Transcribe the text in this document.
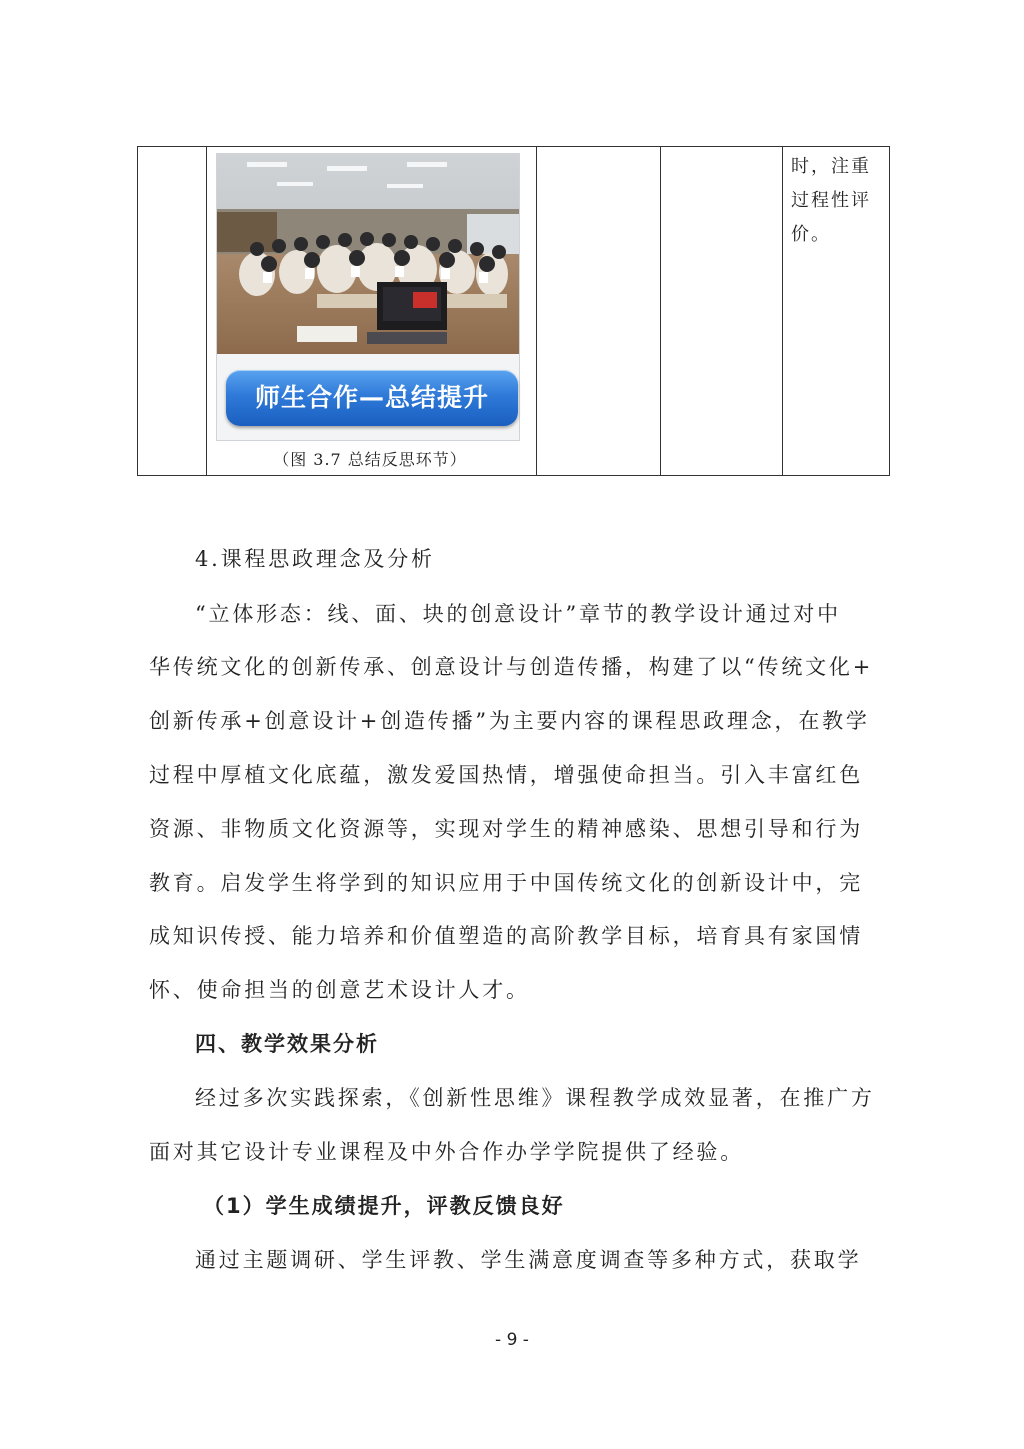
师生合作—总结提升
（图 3.7 总结反思环节）
时，注重
过程性评
价。
4.课程思政理念及分析
“立体形态：线、面、块的创意设计”章节的教学设计通过对中
华传统文化的创新传承、创意设计与创造传播，构建了以“传统文化+
创新传承+创意设计+创造传播”为主要内容的课程思政理念，在教学
过程中厚植文化底蕴，激发爱国热情，增强使命担当。引入丰富红色
资源、非物质文化资源等，实现对学生的精神感染、思想引导和行为
教育。启发学生将学到的知识应用于中国传统文化的创新设计中，完
成知识传授、能力培养和价值塑造的高阶教学目标，培育具有家国情
怀、使命担当的创意艺术设计人才。
四、教学效果分析
经过多次实践探索，《创新性思维》课程教学成效显著，在推广方
面对其它设计专业课程及中外合作办学学院提供了经验。
（1）学生成绩提升，评教反馈良好
通过主题调研、学生评教、学生满意度调查等多种方式，获取学
- 9 -
